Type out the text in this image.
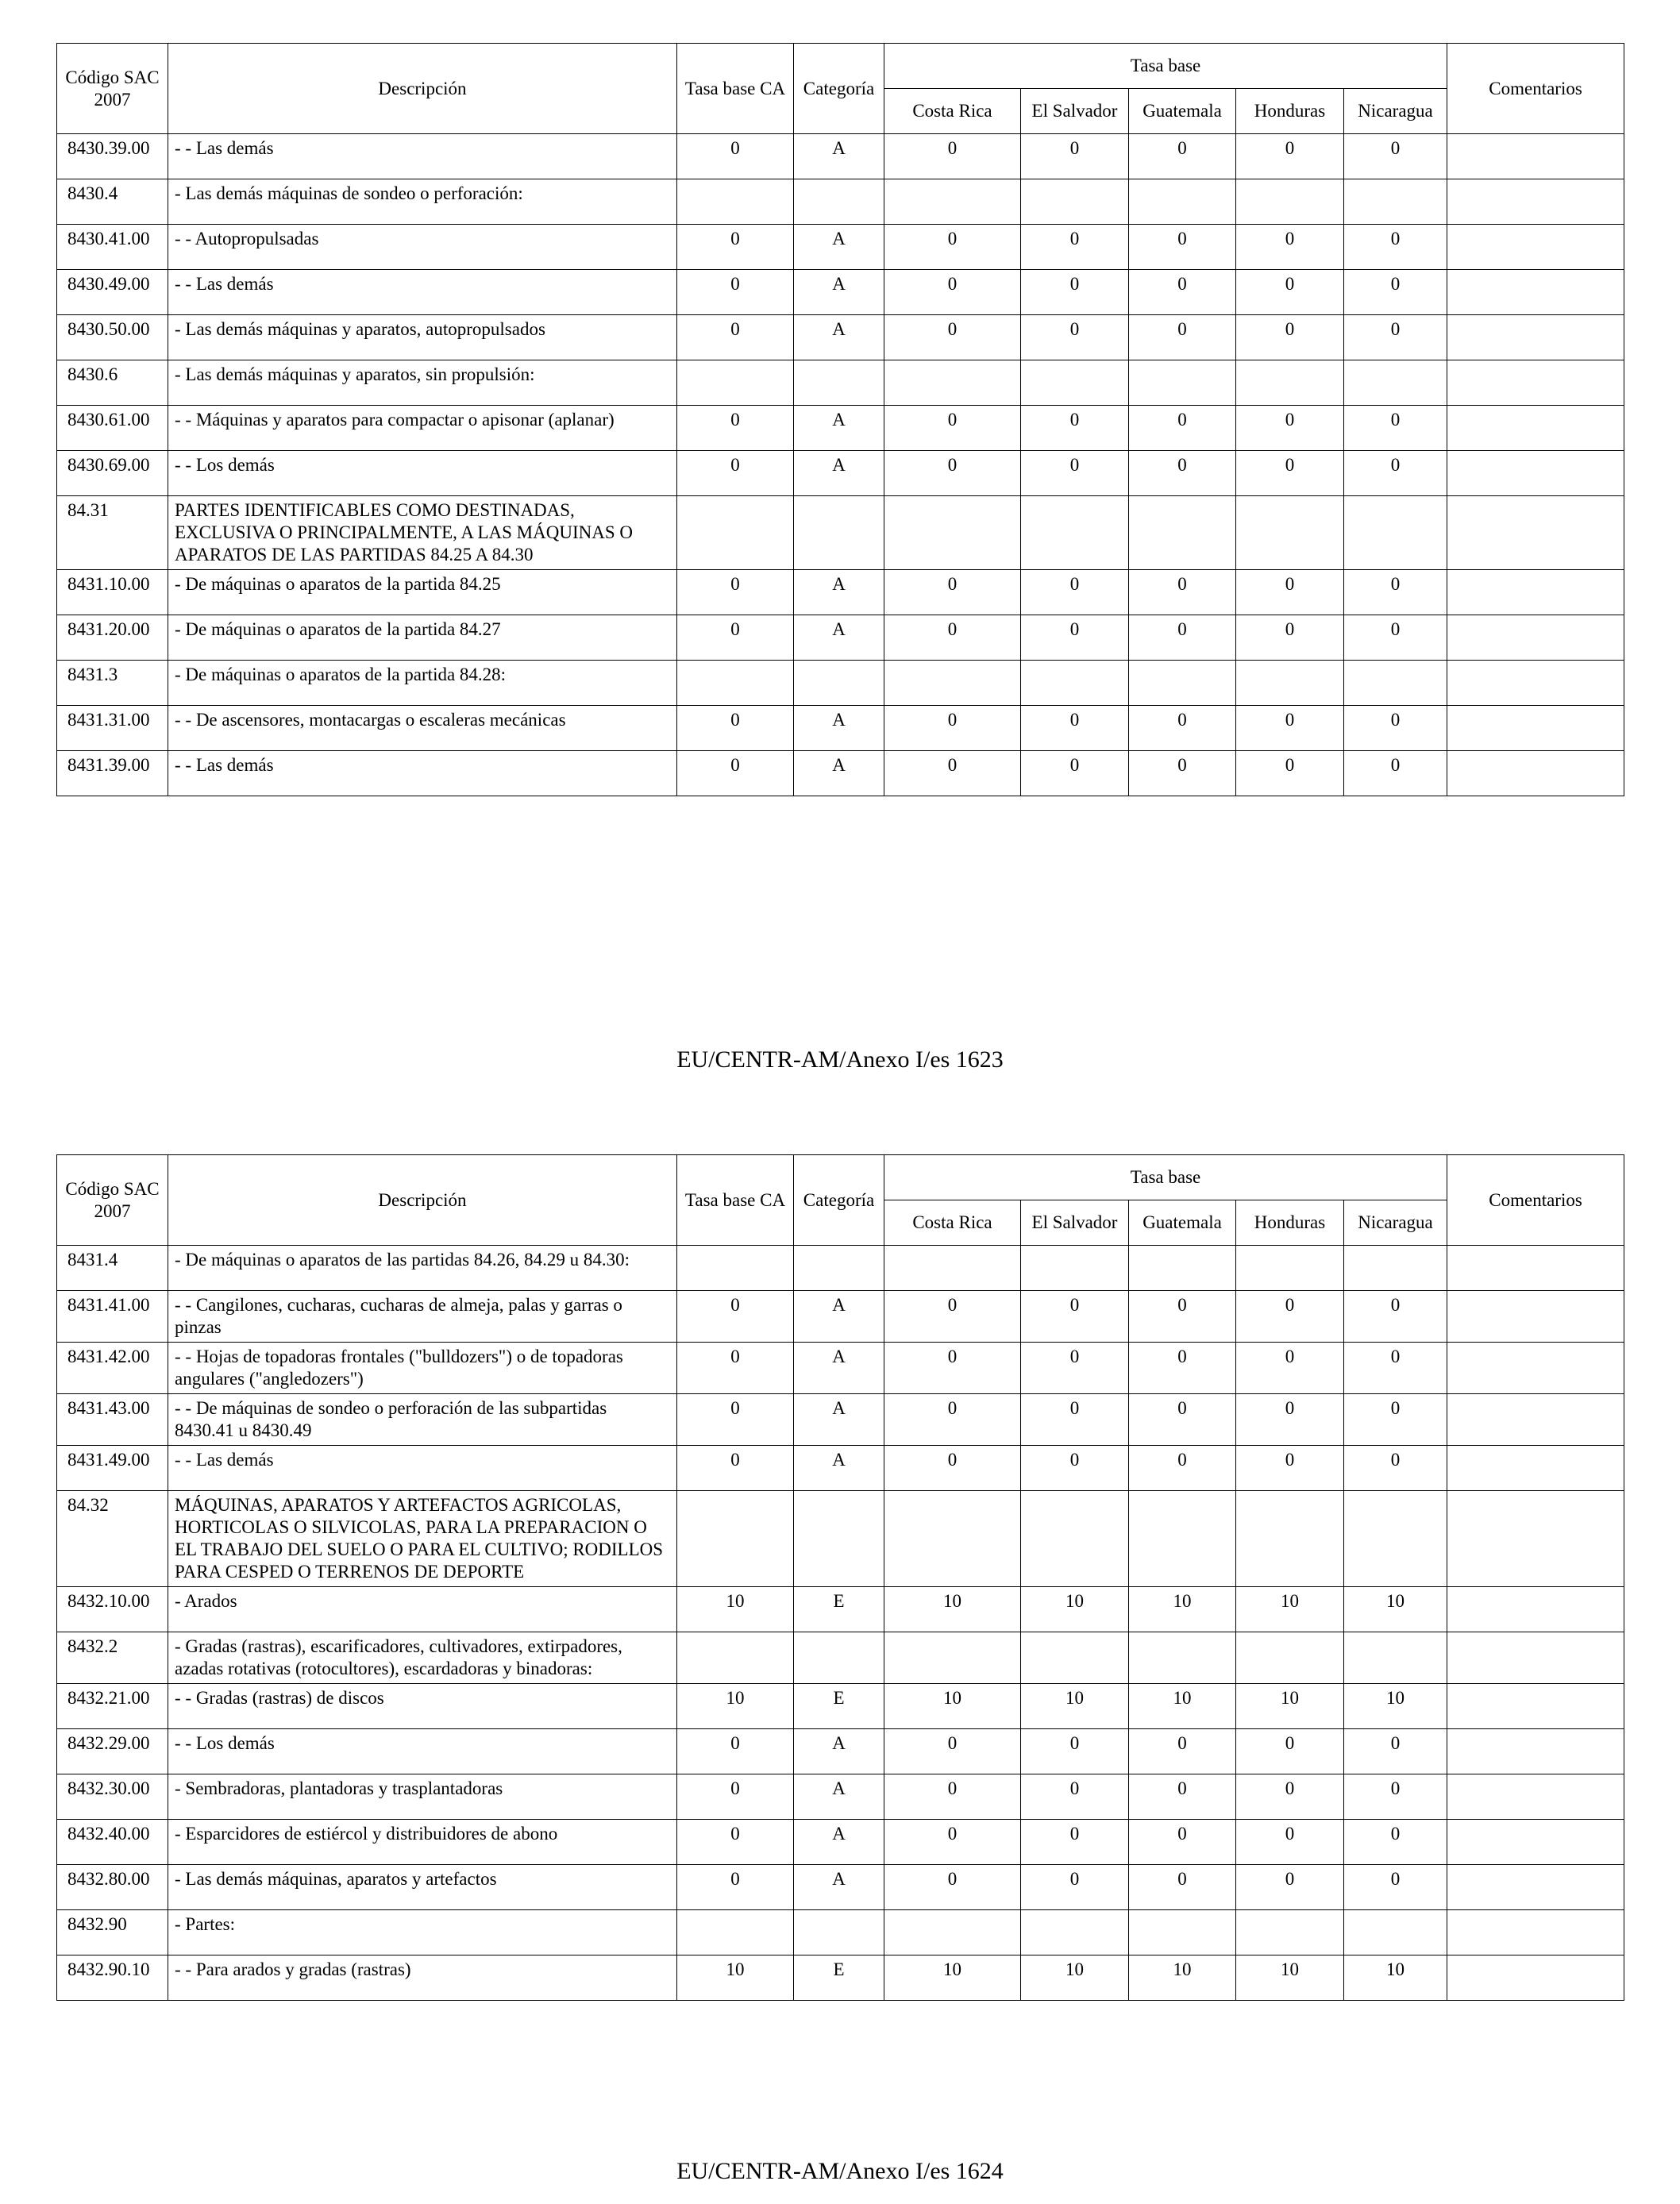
Código SAC 2007	Descripción	Tasa base CA	Categoría	Tasa base					Comentarios
				Costa Rica	El Salvador	Guatemala	Honduras	Nicaragua	
8430.39.00	- - Las demás	0	A	0	0	0	0	0	
8430.4	- Las demás máquinas de sondeo o perforación:								
8430.41.00	- - Autopropulsadas	0	A	0	0	0	0	0	
8430.49.00	- - Las demás	0	A	0	0	0	0	0	
8430.50.00	- Las demás máquinas y aparatos, autopropulsados	0	A	0	0	0	0	0	
8430.6	- Las demás máquinas y aparatos, sin propulsión:								
8430.61.00	- - Máquinas y aparatos para compactar o apisonar (aplanar)	0	A	0	0	0	0	0	
8430.69.00	- - Los demás	0	A	0	0	0	0	0	
84.31	PARTES IDENTIFICABLES COMO DESTINADAS, EXCLUSIVA O PRINCIPALMENTE, A LAS MÁQUINAS O APARATOS DE LAS PARTIDAS 84.25 A 84.30								
8431.10.00	- De máquinas o aparatos de la partida 84.25	0	A	0	0	0	0	0	
8431.20.00	- De máquinas o aparatos de la partida 84.27	0	A	0	0	0	0	0	
8431.3	- De máquinas o aparatos de la partida 84.28:								
8431.31.00	- - De ascensores, montacargas o escaleras mecánicas	0	A	0	0	0	0	0	
8431.39.00	- - Las demás	0	A	0	0	0	0	0	
EU/CENTR-AM/Anexo I/es 1623
Código SAC 2007	Descripción	Tasa base CA	Categoría	Tasa base					Comentarios
				Costa Rica	El Salvador	Guatemala	Honduras	Nicaragua	
8431.4	- De máquinas o aparatos de las partidas 84.26, 84.29 u 84.30:								
8431.41.00	- - Cangilones, cucharas, cucharas de almeja, palas y garras o pinzas	0	A	0	0	0	0	0	
8431.42.00	- - Hojas de topadoras frontales ("bulldozers") o de topadoras angulares ("angledozers")	0	A	0	0	0	0	0	
8431.43.00	- - De máquinas de sondeo o perforación de las subpartidas 8430.41 u 8430.49	0	A	0	0	0	0	0	
8431.49.00	- - Las demás	0	A	0	0	0	0	0	
84.32	MÁQUINAS, APARATOS Y ARTEFACTOS AGRICOLAS, HORTICOLAS O SILVICOLAS, PARA LA PREPARACION O EL TRABAJO DEL SUELO O PARA EL CULTIVO; RODILLOS PARA CESPED O TERRENOS DE DEPORTE								
8432.10.00	- Arados	10	E	10	10	10	10	10	
8432.2	- Gradas (rastras), escarificadores, cultivadores, extirpadores, azadas rotativas (rotocultores), escardadoras y binadoras:								
8432.21.00	- - Gradas (rastras) de discos	10	E	10	10	10	10	10	
8432.29.00	- - Los demás	0	A	0	0	0	0	0	
8432.30.00	- Sembradoras, plantadoras y trasplantadoras	0	A	0	0	0	0	0	
8432.40.00	- Esparcidores de estiércol y distribuidores de abono	0	A	0	0	0	0	0	
8432.80.00	- Las demás máquinas, aparatos y artefactos	0	A	0	0	0	0	0	
8432.90	- Partes:								
8432.90.10	- - Para arados y gradas (rastras)	10	E	10	10	10	10	10	
EU/CENTR-AM/Anexo I/es 1624
